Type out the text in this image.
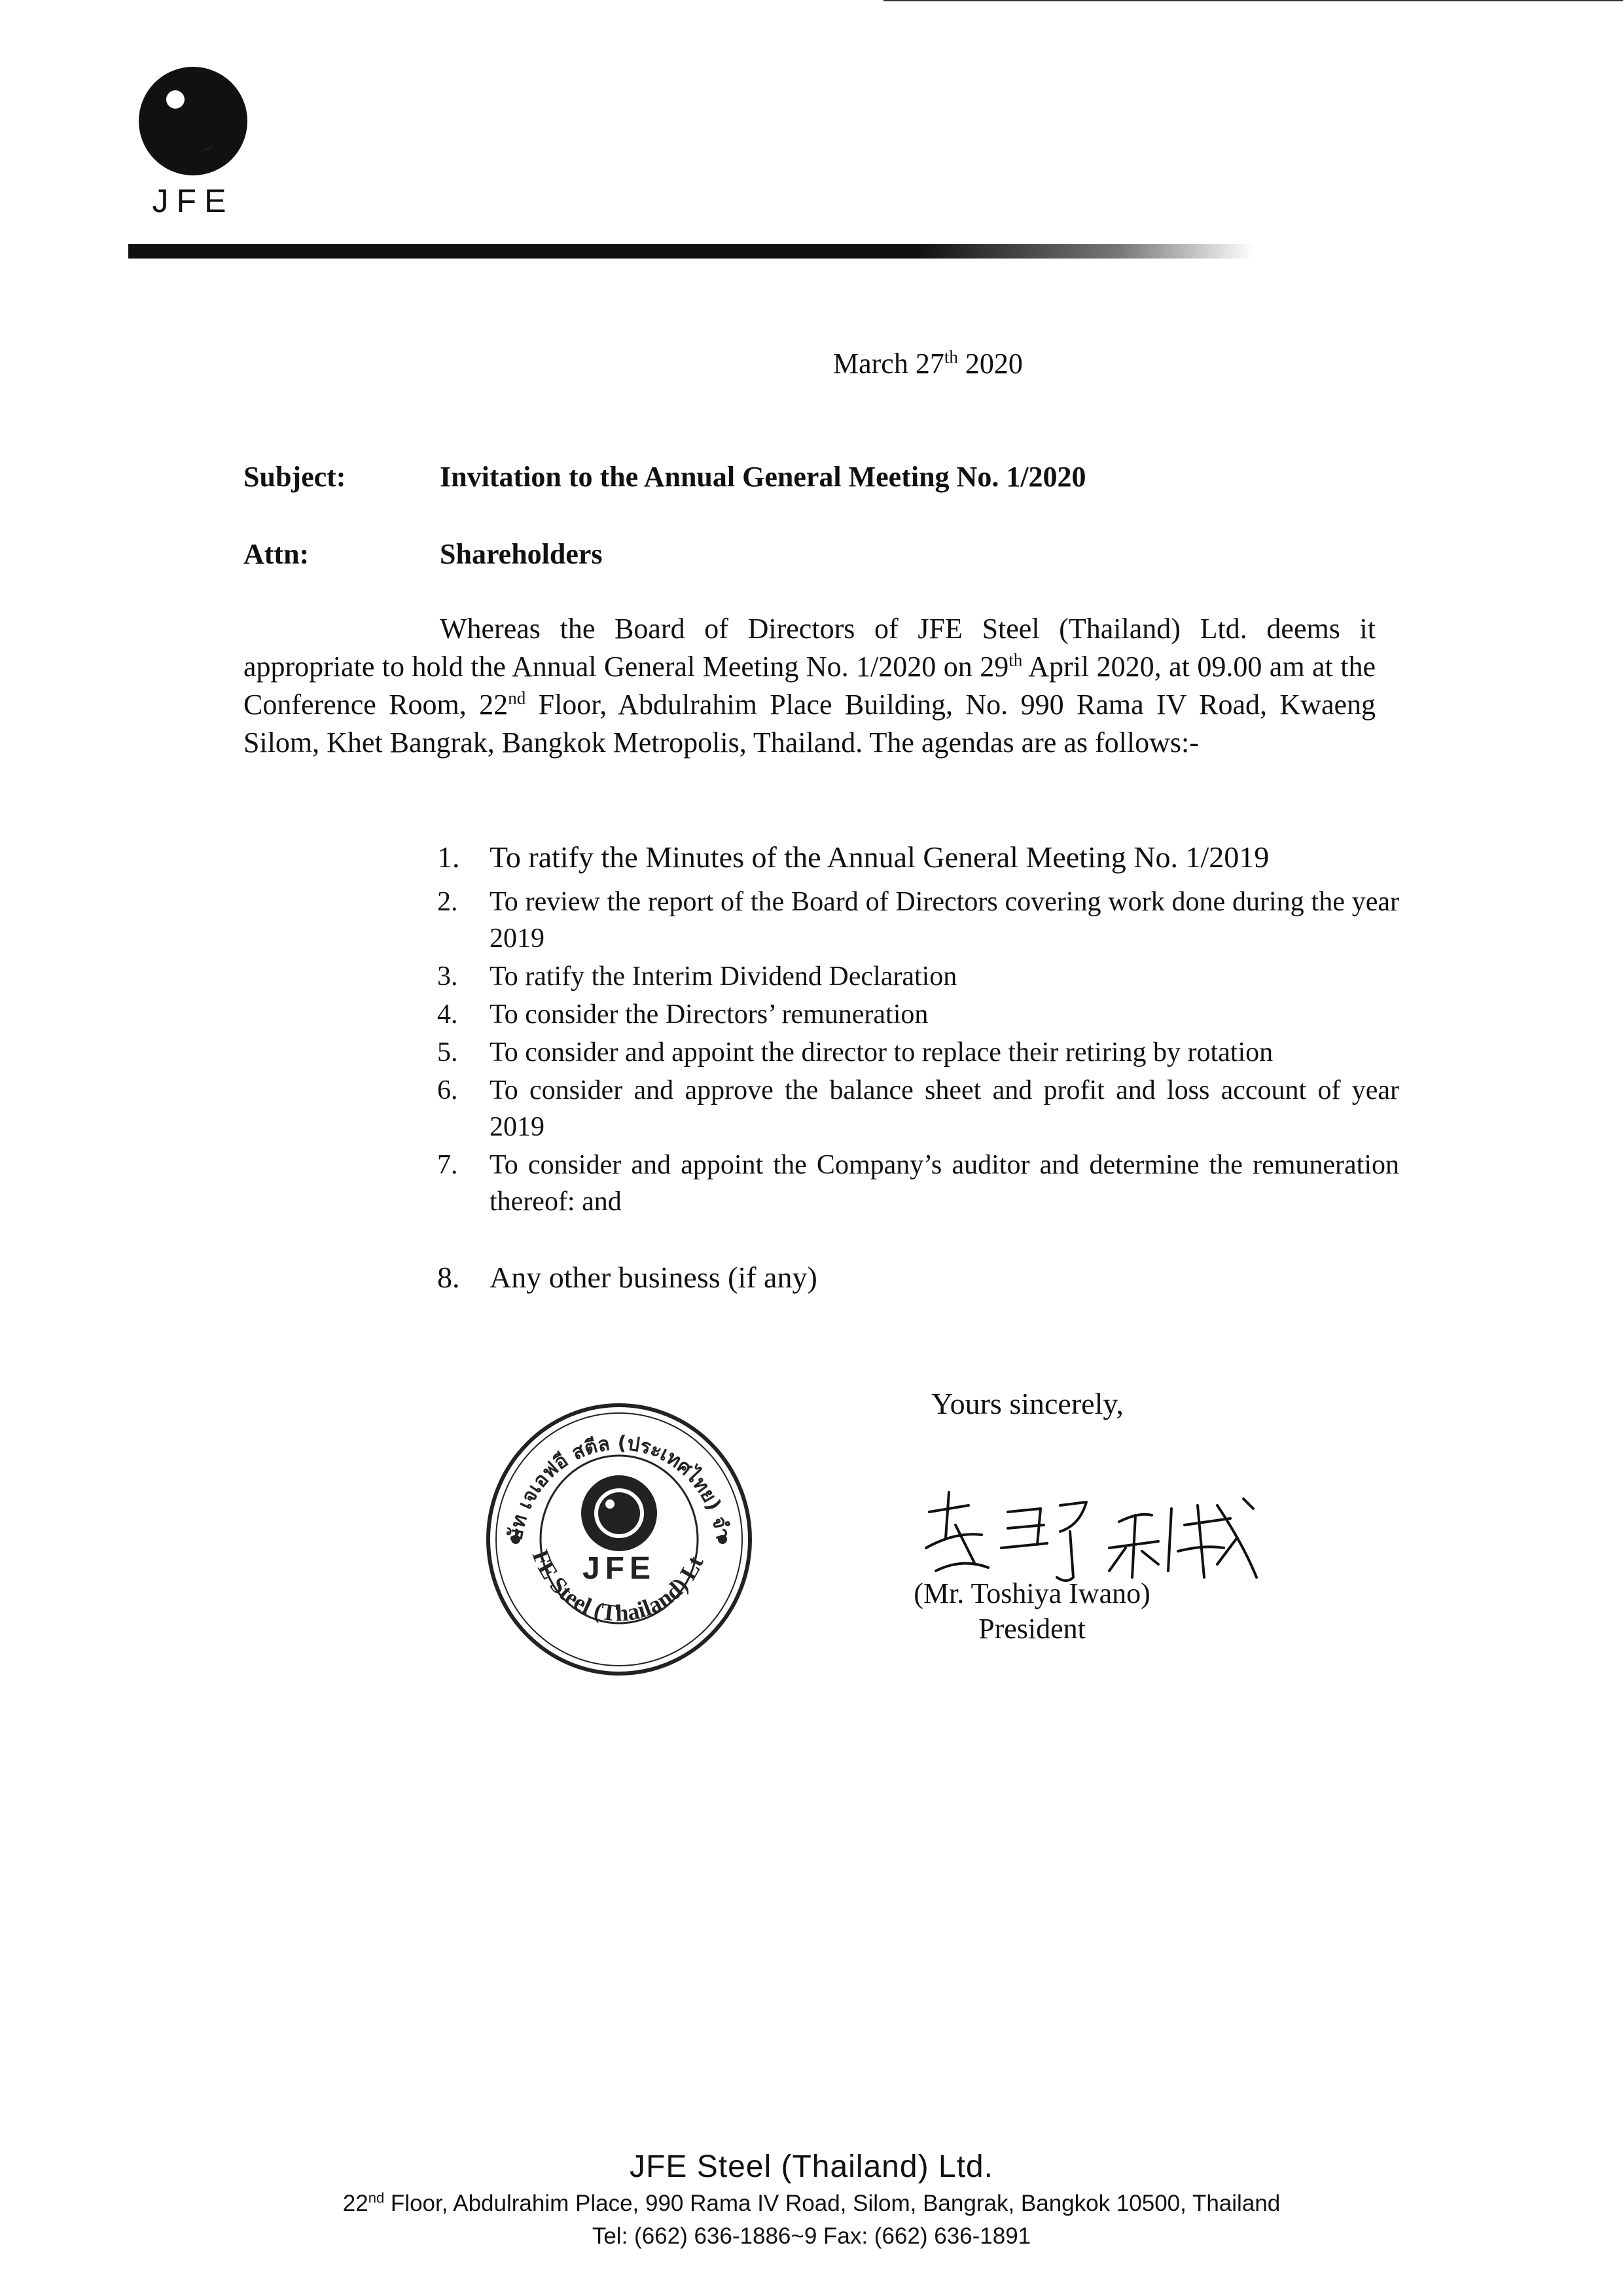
JFE
March 27th 2020
Subject:	Invitation to the Annual General Meeting No. 1/2020
Attn:	Shareholders
Whereas the Board of Directors of JFE Steel (Thailand) Ltd. deems it appropriate to hold the Annual General Meeting No. 1/2020 on 29th April 2020, at 09.00 am at the Conference Room, 22nd Floor, Abdulrahim Place Building, No. 990 Rama IV Road, Kwaeng Silom, Khet Bangrak, Bangkok Metropolis, Thailand. The agendas are as follows:-
1. To ratify the Minutes of the Annual General Meeting No. 1/2019
2.	To review the report of the Board of Directors covering work done during the year 2019
3.	To ratify the Interim Dividend Declaration
4.	To consider the Directors’ remuneration
5.	To consider and appoint the director to replace their retiring by rotation
6.	To consider and approve the balance sheet and profit and loss account of year 2019
7.	To consider and appoint the Company’s auditor and determine the remuneration thereof: and
8. Any other business (if any)
JFE
ษัท เจเอฟอี สตีล (ประเทศไทย) จำ
FE Steel (Thailand) Lt
Yours sincerely,
(Mr. Toshiya Iwano)
President
JFE Steel (Thailand) Ltd.
22nd Floor, Abdulrahim Place, 990 Rama IV Road, Silom, Bangrak, Bangkok 10500, Thailand
Tel: (662) 636-1886~9 Fax: (662) 636-1891
